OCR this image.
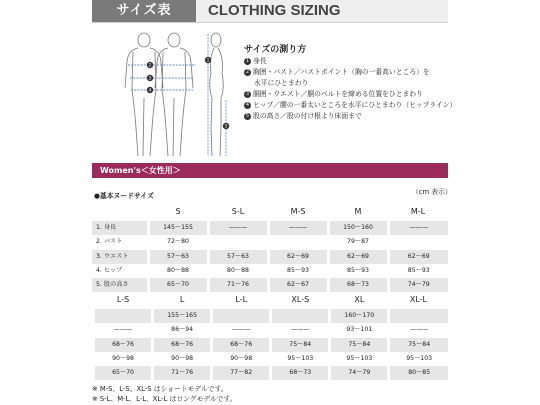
サイズ表	CLOTHING SIZING
2
3
4
1
5
サイズの測り方
1 身長
2 胸囲・バスト／バストポイント（胸の一番高いところ）を
水平にひとまわり
3 胴囲・ウエスト／胴のベルトを締める位置をひとまわり
4 ヒップ／腰の一番太いところを水平にひとまわり（ヒップライン）
5 股の高さ／股の付け根より床面まで
Women's＜女性用＞
●基本ヌードサイズ	（cm 表示）
	S	S-L	M-S	M	M-L
1. 身長	145〜155	———	———	150〜160	———
2. バスト	72〜80			79〜87	
3. ウエスト	57〜63	57〜63	62〜69	62〜69	62〜69
4. ヒップ	80〜88	80〜88	85〜93	85〜93	85〜93
5. 股の高さ	65〜70	71〜76	62〜67	68〜73	74〜79
L-S	L	L-L	XL-S	XL	XL-L
	155〜165			160〜170	
———	86〜94	———	———	93〜101	———
68〜76	68〜76	68〜76	75〜84	75〜84	75〜84
90〜98	90〜98	90〜98	95〜103	95〜103	95〜103
65〜70	71〜76	77〜82	68〜73	74〜79	80〜85
※ M-S、L-S、XL-S はショートモデルです。
※ S-L、M-L、L-L、XL-L はロングモデルです。
